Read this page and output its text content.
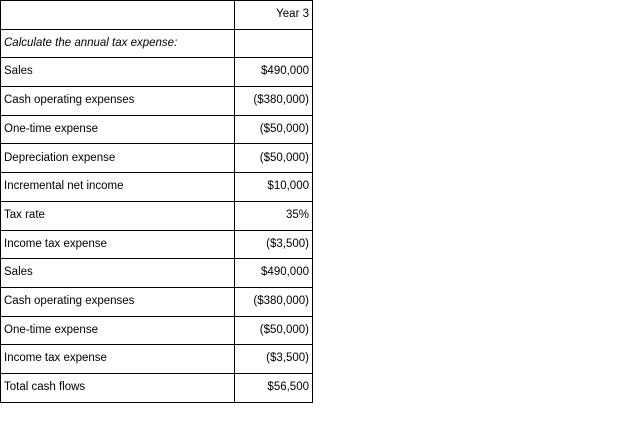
	Year 3
Calculate the annual tax expense:	
Sales	$490,000
Cash operating expenses	($380,000)
One-time expense	($50,000)
Depreciation expense	($50,000)
Incremental net income	$10,000
Tax rate	35%
Income tax expense	($3,500)
Sales	$490,000
Cash operating expenses	($380,000)
One-time expense	($50,000)
Income tax expense	($3,500)
Total cash flows	$56,500
